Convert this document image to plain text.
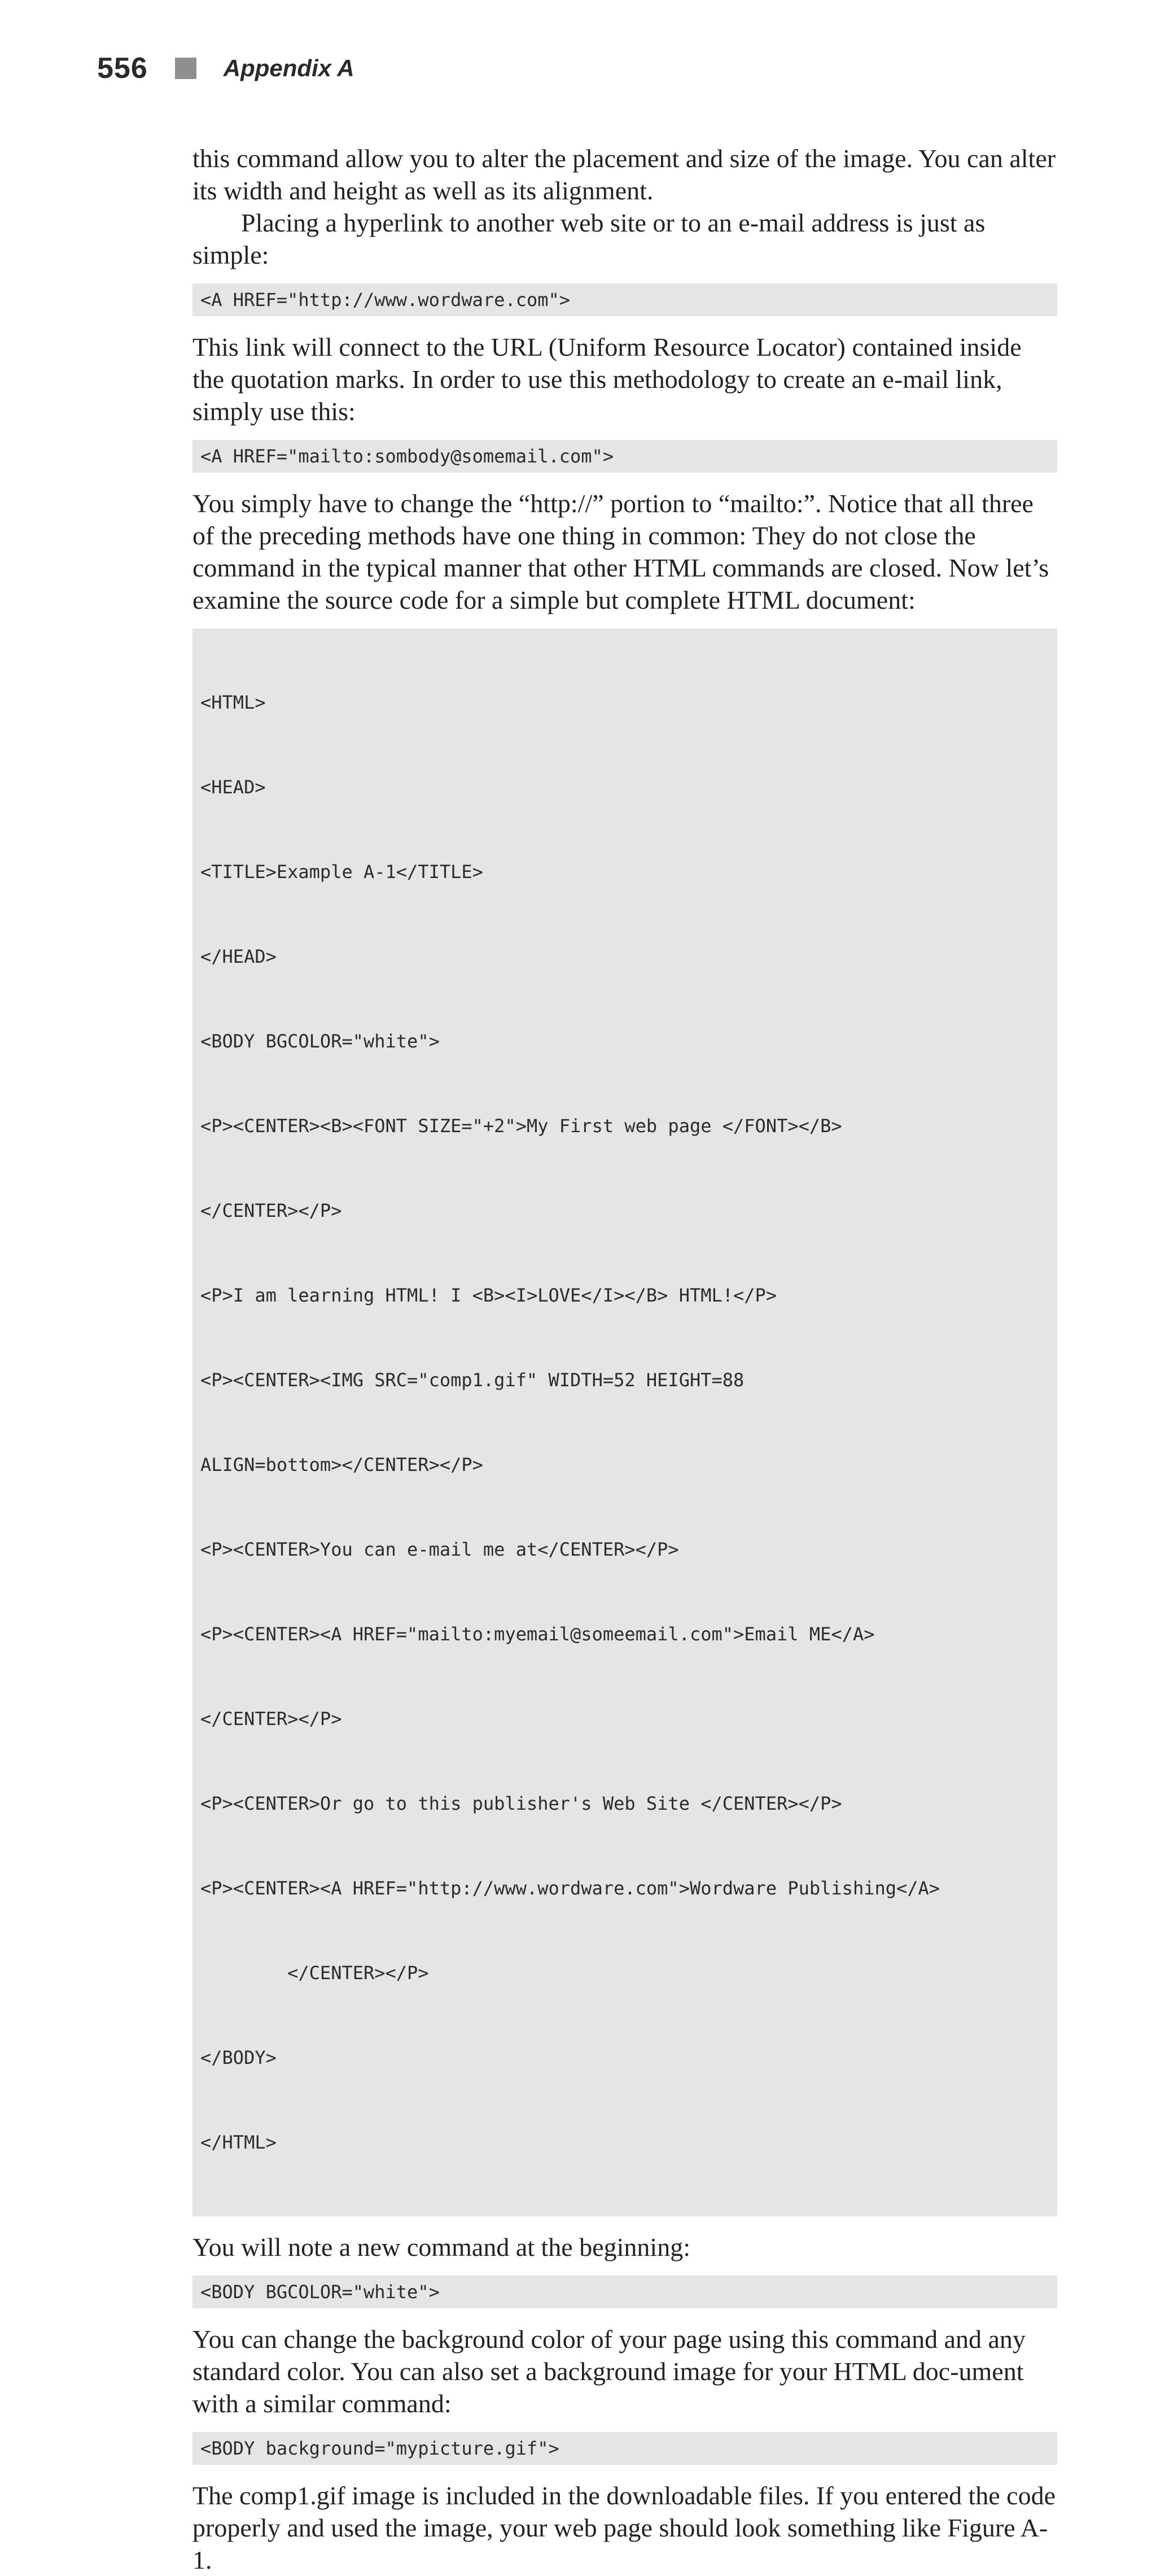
556	Appendix A

this command allow you to alter the placement and size of the image. You can alter its width and height as well as its alignment.

Placing a hyperlink to another web site or to an e-mail address is just as simple:

<A HREF="http://www.wordware.com">

This link will connect to the URL (Uniform Resource Locator) contained inside the quotation marks. In order to use this methodology to create an e-mail link, simply use this:

<A HREF="mailto:sombody@somemail.com">

You simply have to change the “http://” portion to “mailto:”. Notice that all three of the preceding methods have one thing in common: They do not close the command in the typical manner that other HTML commands are closed. Now let’s examine the source code for a simple but complete HTML document:

<HTML>

<HEAD>

<TITLE>Example A-1</TITLE>

</HEAD>

<BODY BGCOLOR="white">

<P><CENTER><B><FONT SIZE="+2">My First web page </FONT></B>

</CENTER></P>

<P>I am learning HTML! I <B><I>LOVE</I></B> HTML!</P>

<P><CENTER><IMG SRC="comp1.gif" WIDTH=52 HEIGHT=88

ALIGN=bottom></CENTER></P>

<P><CENTER>You can e-mail me at</CENTER></P>

<P><CENTER><A HREF="mailto:myemail@someemail.com">Email ME</A>

</CENTER></P>

<P><CENTER>Or go to this publisher's Web Site </CENTER></P>

<P><CENTER><A HREF="http://www.wordware.com">Wordware Publishing</A>

</CENTER></P>

</BODY>

</HTML>

You will note a new command at the beginning:

<BODY BGCOLOR="white">

You can change the background color of your page using this command and any standard color. You can also set a background image for your HTML doc-ument with a similar command:

<BODY background="mypicture.gif">

The comp1.gif image is included in the downloadable files. If you entered the code properly and used the image, your web page should look something like Figure A-1.
